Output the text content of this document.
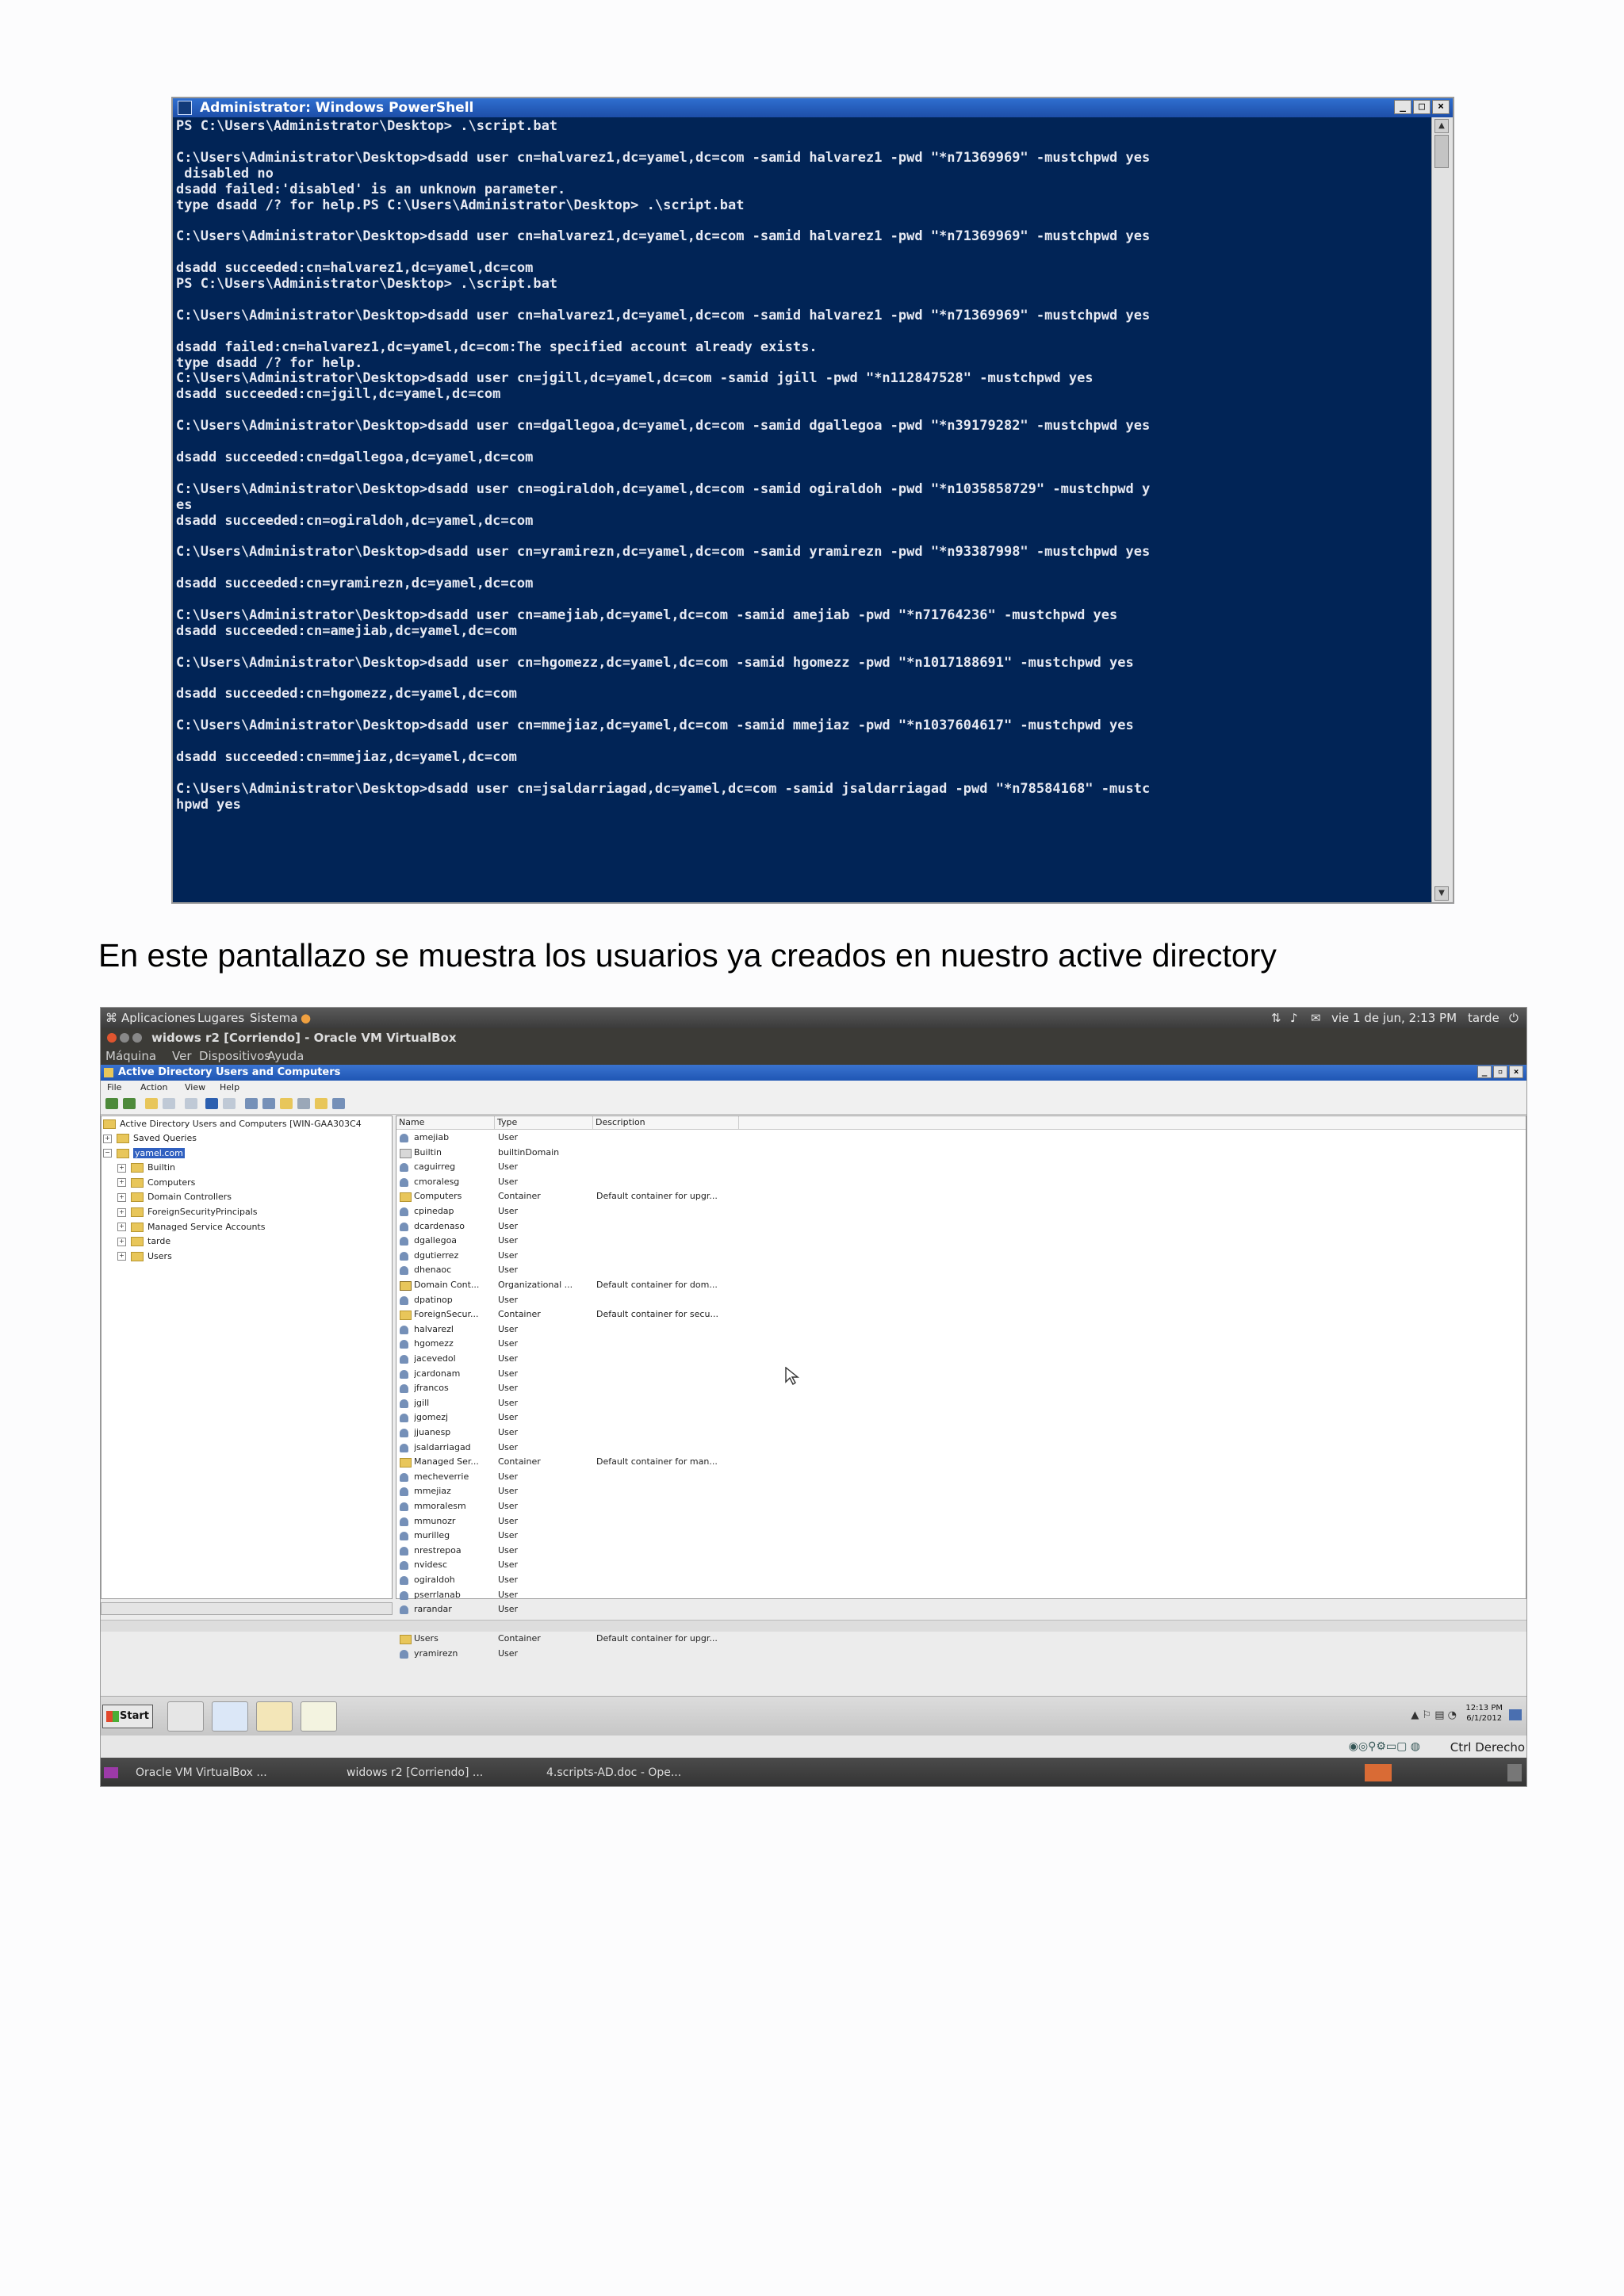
Administrator: Windows PowerShell	_	□	×
PS C:\Users\Administrator\Desktop> .\script.bat
C:\Users\Administrator\Desktop>dsadd user cn=halvarez1,dc=yamel,dc=com -samid halvarez1 -pwd "*n71369969" -mustchpwd yes
disabled no
dsadd failed:'disabled' is an unknown parameter.
type dsadd /? for help.PS C:\Users\Administrator\Desktop> .\script.bat
C:\Users\Administrator\Desktop>dsadd user cn=halvarez1,dc=yamel,dc=com -samid halvarez1 -pwd "*n71369969" -mustchpwd yes
dsadd succeeded:cn=halvarez1,dc=yamel,dc=com
PS C:\Users\Administrator\Desktop> .\script.bat
C:\Users\Administrator\Desktop>dsadd user cn=halvarez1,dc=yamel,dc=com -samid halvarez1 -pwd "*n71369969" -mustchpwd yes
dsadd failed:cn=halvarez1,dc=yamel,dc=com:The specified account already exists.
type dsadd /? for help.
C:\Users\Administrator\Desktop>dsadd user cn=jgill,dc=yamel,dc=com -samid jgill -pwd "*n112847528" -mustchpwd yes
dsadd succeeded:cn=jgill,dc=yamel,dc=com
C:\Users\Administrator\Desktop>dsadd user cn=dgallegoa,dc=yamel,dc=com -samid dgallegoa -pwd "*n39179282" -mustchpwd yes
dsadd succeeded:cn=dgallegoa,dc=yamel,dc=com
C:\Users\Administrator\Desktop>dsadd user cn=ogiraldoh,dc=yamel,dc=com -samid ogiraldoh -pwd "*n1035858729" -mustchpwd y
es
dsadd succeeded:cn=ogiraldoh,dc=yamel,dc=com
C:\Users\Administrator\Desktop>dsadd user cn=yramirezn,dc=yamel,dc=com -samid yramirezn -pwd "*n93387998" -mustchpwd yes
dsadd succeeded:cn=yramirezn,dc=yamel,dc=com
C:\Users\Administrator\Desktop>dsadd user cn=amejiab,dc=yamel,dc=com -samid amejiab -pwd "*n71764236" -mustchpwd yes
dsadd succeeded:cn=amejiab,dc=yamel,dc=com
C:\Users\Administrator\Desktop>dsadd user cn=hgomezz,dc=yamel,dc=com -samid hgomezz -pwd "*n1017188691" -mustchpwd yes
dsadd succeeded:cn=hgomezz,dc=yamel,dc=com
C:\Users\Administrator\Desktop>dsadd user cn=mmejiaz,dc=yamel,dc=com -samid mmejiaz -pwd "*n1037604617" -mustchpwd yes
dsadd succeeded:cn=mmejiaz,dc=yamel,dc=com
C:\Users\Administrator\Desktop>dsadd user cn=jsaldarriagad,dc=yamel,dc=com -samid jsaldarriagad -pwd "*n78584168" -mustc
hpwd yes
▲
▼
En este pantallazo se muestra los usuarios ya creados en nuestro active directory
⌘ Aplicaciones Lugares Sistema ●	⇅ ♪ ✉ vie 1 de jun, 2:13 PM tarde ⏻
widows r2 [Corriendo] - Oracle VM VirtualBox
Máquina Ver Dispositivos
Ayuda
Active Directory Users and Computers	_	▫	×
File Action View Help
Active Directory Users and Computers [WIN-GAA303C4
+	Saved Queries
−	yamel.com
+	Builtin
+	Computers
+	Domain Controllers
+	ForeignSecurityPrincipals
+	Managed Service Accounts
+	tarde
+	Users
Name	Type	Description
amejiab	User
Builtin	builtinDomain
caguirreg	User
cmoralesg	User
Computers	Container	Default container for upgr...
cpinedap	User
dcardenaso	User
dgallegoa	User
dgutierrez	User
dhenaoc	User
Domain Cont...	Organizational ...	Default container for dom...
dpatinop	User
ForeignSecur...	Container	Default container for secu...
halvarezl	User
hgomezz	User
jacevedol	User
jcardonam	User
jfrancos	User
jgill	User
jgomezj	User
jjuanesp	User
jsaldarriagad	User
Managed Ser...	Container	Default container for man...
mecheverrie	User
mmejiaz	User
mmoralesm	User
mmunozr	User
murilleg	User
nrestrepoa	User
nvidesc	User
ogiraldoh	User
pserrlanab	User
rarandar	User
Users	Container	Default container for upgr...
yramirezn	User
Start	▲ ⚐ ▤ ◔
12:13 PM
6/1/2012
◉◎⚲⚙▭▢ ◍	Ctrl Derecho
Oracle VM VirtualBox ...	widows r2 [Corriendo] ...	4.scripts-AD.doc - Ope...
